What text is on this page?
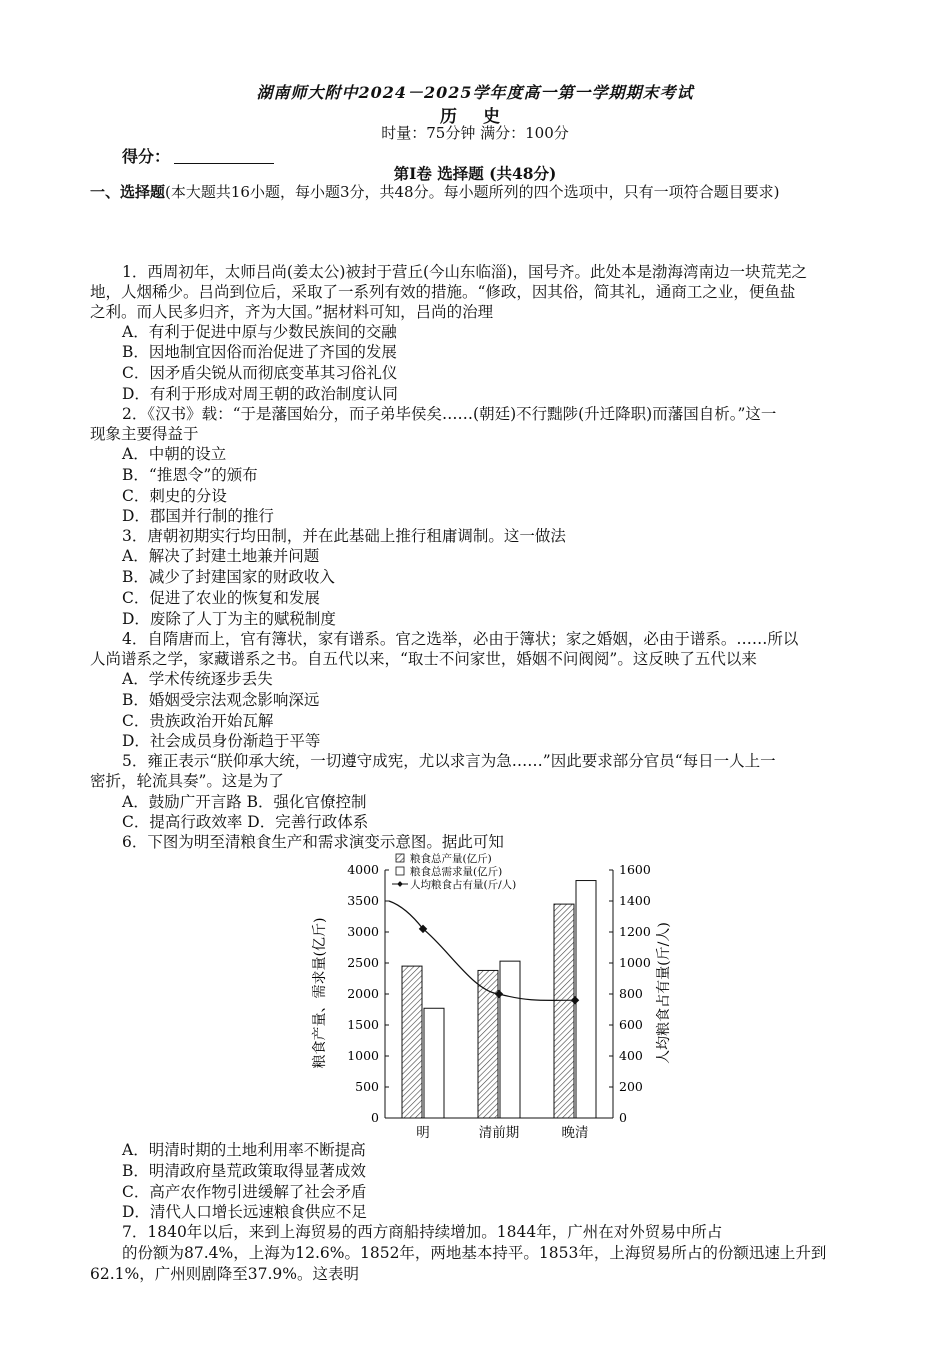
湖南师大附中2024－2025学年度高一第一学期期末考试
历 史
时量：75分钟 满分：100分
得分：
第Ⅰ卷 选择题 (共48分)
一、选择题(本大题共16小题，每小题3分，共48分。每小题所列的四个选项中，只有一项符合题目要求)
1．西周初年，太师吕尚(姜太公)被封于营丘(今山东临淄)，国号齐。此处本是渤海湾南边一块荒芜之
地，人烟稀少。吕尚到位后，采取了一系列有效的措施。“修政，因其俗，简其礼，通商工之业，便鱼盐
之利。而人民多归齐，齐为大国。”据材料可知，吕尚的治理
A．有利于促进中原与少数民族间的交融
B．因地制宜因俗而治促进了齐国的发展
C．因矛盾尖锐从而彻底变革其习俗礼仪
D．有利于形成对周王朝的政治制度认同
2．《汉书》载：“于是藩国始分，而子弟毕侯矣……(朝廷)不行黜陟(升迁降职)而藩国自析。”这一
现象主要得益于
A．中朝的设立
B．“推恩令”的颁布
C．刺史的分设
D．郡国并行制的推行
3．唐朝初期实行均田制，并在此基础上推行租庸调制。这一做法
A．解决了封建土地兼并问题
B．减少了封建国家的财政收入
C．促进了农业的恢复和发展
D．废除了人丁为主的赋税制度
4．自隋唐而上，官有簿状，家有谱系。官之选举，必由于簿状；家之婚姻，必由于谱系。……所以
人尚谱系之学，家藏谱系之书。自五代以来，“取士不问家世，婚姻不问阀阅”。这反映了五代以来
A．学术传统逐步丢失
B．婚姻受宗法观念影响深远
C．贵族政治开始瓦解
D．社会成员身份渐趋于平等
5．雍正表示“朕仰承大统，一切遵守成宪，尤以求言为急……”因此要求部分官员“每日一人上一
密折，轮流具奏”。这是为了
A．鼓励广开言路 B．强化官僚控制
C．提高行政效率 D．完善行政体系
6．下图为明至清粮食生产和需求演变示意图。据此可知
粮食产量、需求量(亿斤)	人均粮食占有量(斤/人)
粮食总产量(亿斤)
粮食总需求量(亿斤)
人均粮食占有量(斤/人)
0
500
1000
1500
2000
2500
3000
3500
4000
0
200
400
600
800
1000
1200
1400
1600
明	清前期	晚清
A．明清时期的土地利用率不断提高
B．明清政府垦荒政策取得显著成效
C．高产农作物引进缓解了社会矛盾
D．清代人口增长远速粮食供应不足
7．1840年以后，来到上海贸易的西方商船持续增加。1844年，广州在对外贸易中所占
的份额为87.4%，上海为12.6%。1852年，两地基本持平。1853年，上海贸易所占的份额迅速上升到
62.1%，广州则剧降至37.9%。这表明
